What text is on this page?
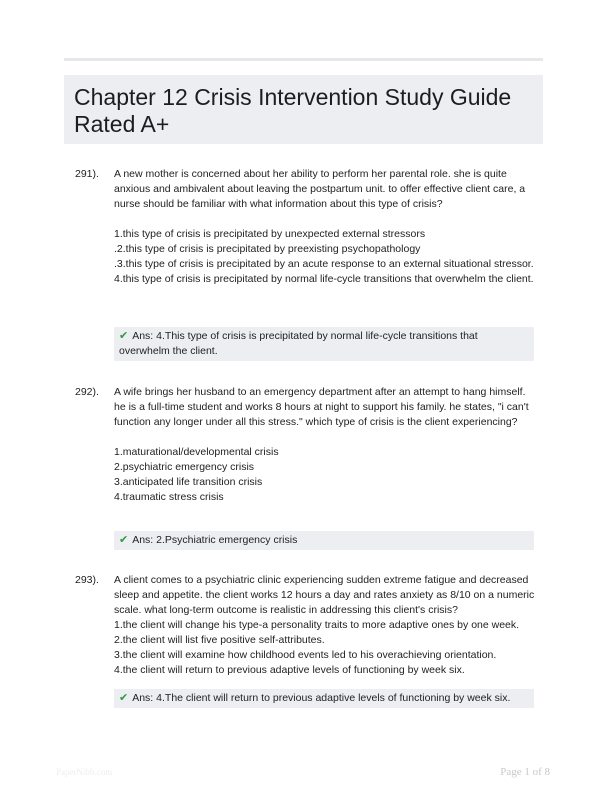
Chapter 12 Crisis Intervention Study Guide Rated A+
291). A new mother is concerned about her ability to perform her parental role. she is quite anxious and ambivalent about leaving the postpartum unit. to offer effective client care, a nurse should be familiar with what information about this type of crisis?

1.this type of crisis is precipitated by unexpected external stressors
.2.this type of crisis is precipitated by preexisting psychopathology
.3.this type of crisis is precipitated by an acute response to an external situational stressor.
4.this type of crisis is precipitated by normal life-cycle transitions that overwhelm the client.

✔ Ans: 4.This type of crisis is precipitated by normal life-cycle transitions that overwhelm the client.
292). A wife brings her husband to an emergency department after an attempt to hang himself. he is a full-time student and works 8 hours at night to support his family. he states, "i can't function any longer under all this stress." which type of crisis is the client experiencing?

1.maturational/developmental crisis
2.psychiatric emergency crisis
3.anticipated life transition crisis
4.traumatic stress crisis

✔ Ans: 2.Psychiatric emergency crisis
293). A client comes to a psychiatric clinic experiencing sudden extreme fatigue and decreased sleep and appetite. the client works 12 hours a day and rates anxiety as 8/10 on a numeric scale. what long-term outcome is realistic in addressing this client's crisis?

1.the client will change his type-a personality traits to more adaptive ones by one week.
2.the client will list five positive self-attributes.
3.the client will examine how childhood events led to his overachieving orientation.
4.the client will return to previous adaptive levels of functioning by week six.

✔ Ans: 4.The client will return to previous adaptive levels of functioning by week six.
PaperNibb.com	Page 1 of 8
